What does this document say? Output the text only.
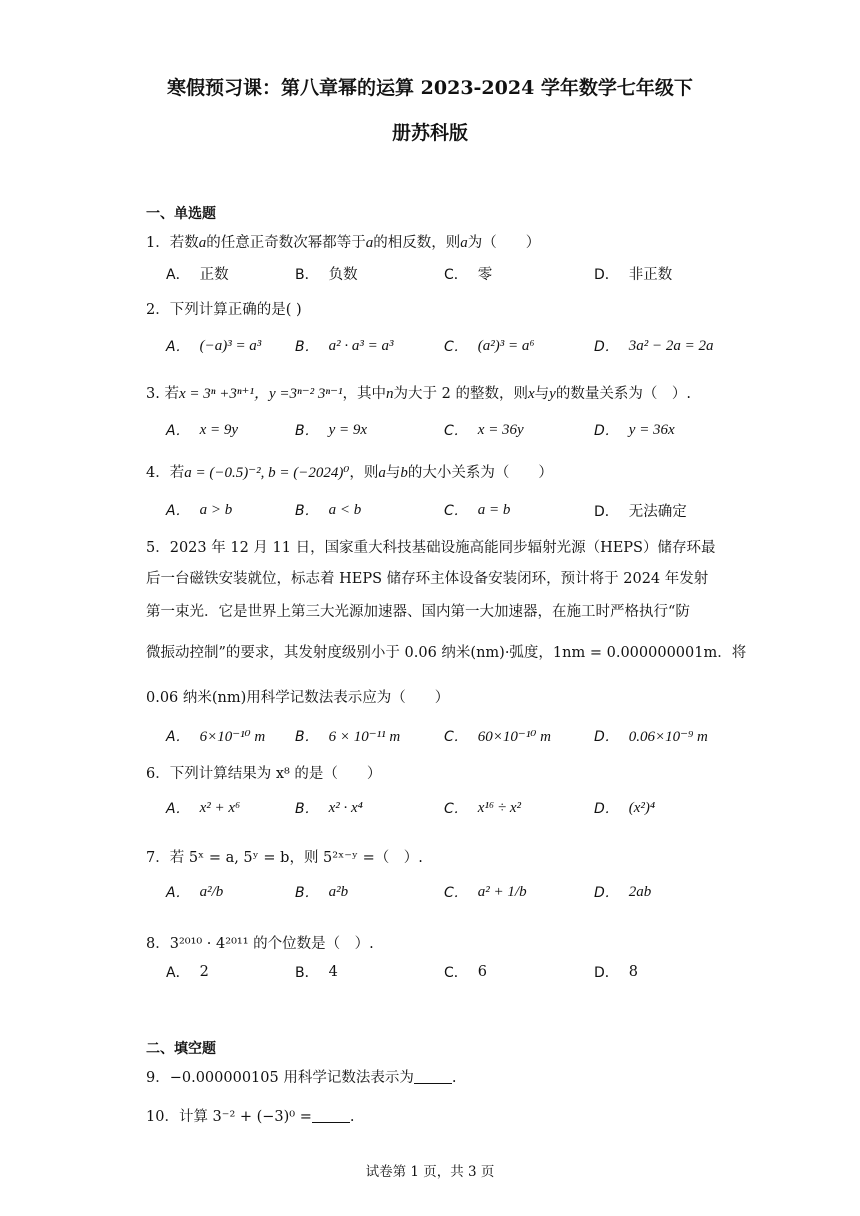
寒假预习课：第八章幂的运算 2023-2024 学年数学七年级下
册苏科版
一、单选题
1．若数a的任意正奇数次幂都等于a的相反数，则a为（　　）
A． 正数	B． 负数	C． 零	D． 非正数
2．下列计算正确的是( )
A． (−a)³ = a³ B． a² · a³ = a³	C． (a²)³ = a⁶	D． 3a² − 2a = 2a
3. 若x = 3ⁿ +3ⁿ⁺¹，y =3ⁿ⁻² 3ⁿ⁻¹，其中n为大于 2 的整数，则x与y的数量关系为（　）.
A． x = 9y	B． y = 9x	C． x = 36y	D． y = 36x
4．若a = (−0.5)⁻², b = (−2024)⁰，则a与b的大小关系为（　　）
A． a > b	B． a < b	C． a = b	D． 无法确定
5．2023 年 12 月 11 日，国家重大科技基础设施高能同步辐射光源（HEPS）储存环最
后一台磁铁安装就位，标志着 HEPS 储存环主体设备安装闭环，预计将于 2024 年发射
第一束光．它是世界上第三大光源加速器、国内第一大加速器，在施工时严格执行“防
微振动控制”的要求，其发射度级别小于 0.06 纳米(nm)·弧度，1nm = 0.000000001m．将
0.06 纳米(nm)用科学记数法表示应为（　　）
A． 6×10⁻¹⁰ m B． 6 × 10⁻¹¹ m	C． 60×10⁻¹⁰ m	D． 0.06×10⁻⁹ m
6．下列计算结果为 x⁸ 的是（　　）
A． x² + x⁶	B． x² · x⁴	C． x¹⁶ ÷ x²	D． (x²)⁴
7．若 5ˣ = a, 5ʸ = b，则 5²ˣ⁻ʸ =（　）.
A． a²/b	B． a²b	C． a² + 1/b	D． 2ab
8．3²⁰¹⁰ · 4²⁰¹¹ 的个位数是（　）.
A． 2	B． 4	C． 6	D． 8
二、填空题
9．−0.000000105 用科学记数法表示为	.
10．计算 3⁻² + (−3)⁰ =	.
试卷第 1 页，共 3 页
